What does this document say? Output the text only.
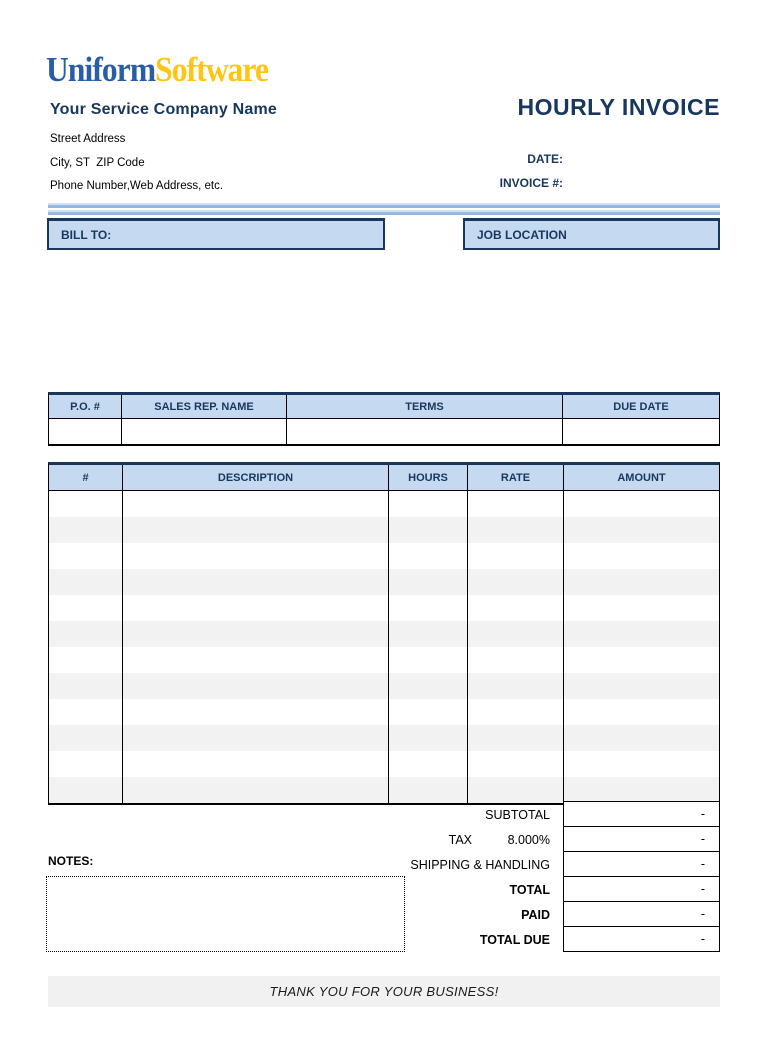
UniformSoftware
Your Service Company Name

Street Address

City, ST  ZIP Code

Phone Number,Web Address, etc.

HOURLY INVOICE
DATE:
INVOICE #:
BILL TO:	JOB LOCATION
P.O. #	SALES REP. NAME	TERMS	DUE DATE
#	DESCRIPTION	HOURS	RATE	AMOUNT
SUBTOTAL	-
TAX	8.000%	-
SHIPPING & HANDLING	-
TOTAL	-
PAID	-
TOTAL DUE	-
NOTES:
THANK YOU FOR YOUR BUSINESS!
